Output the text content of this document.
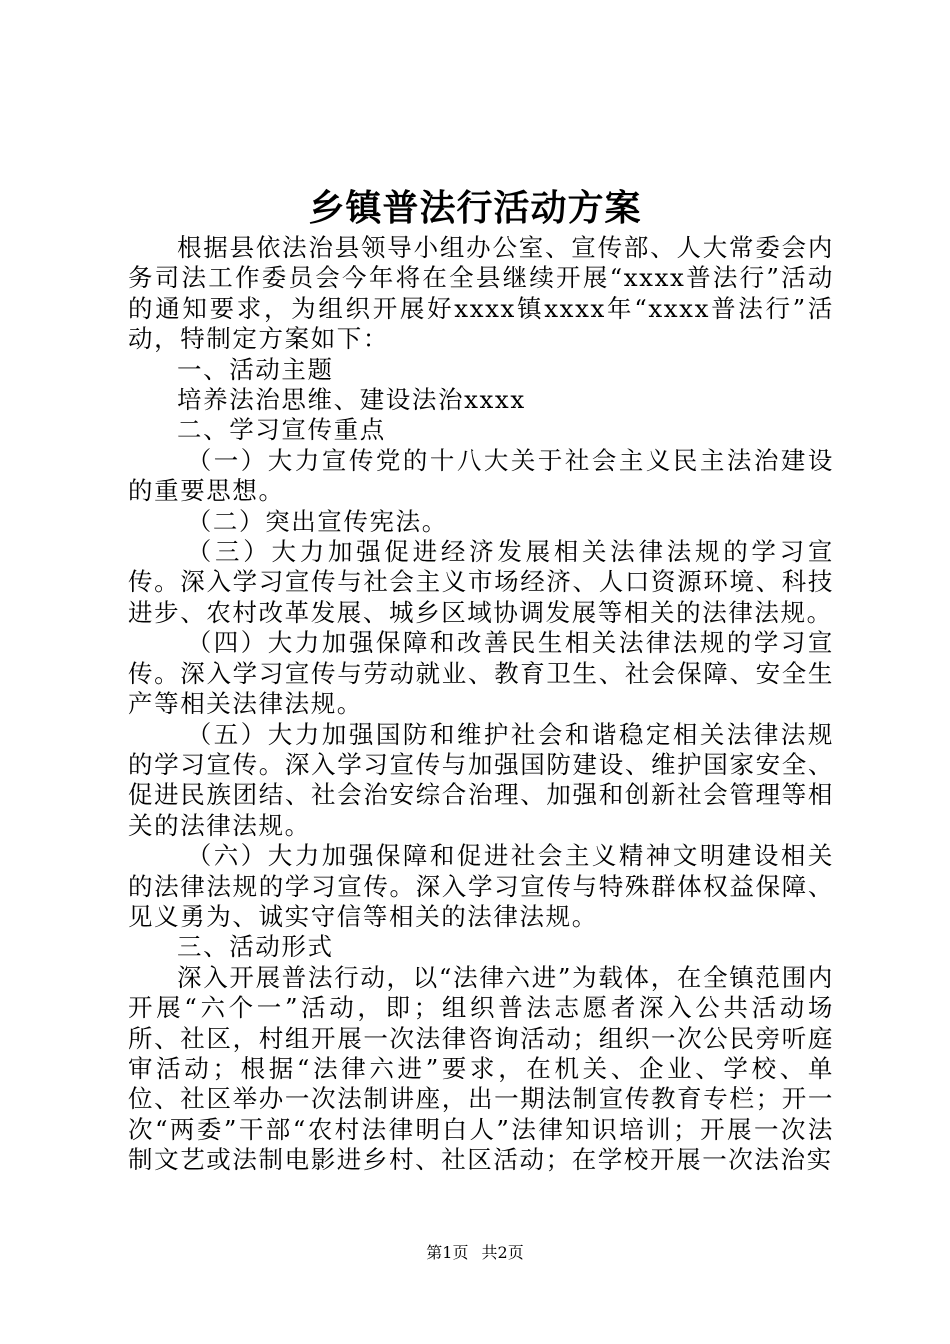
乡镇普法行活动方案

根据县依法治县领导小组办公室、宣传部、人大常委会内务司法工作委员会今年将在全县继续开展“xxxx普法行”活动的通知要求，为组织开展好xxxx镇xxxx年“xxxx普法行”活动，特制定方案如下：

一、活动主题

培养法治思维、建设法治xxxx

二、学习宣传重点

（一）大力宣传党的十八大关于社会主义民主法治建设的重要思想。

（二）突出宣传宪法。

（三）大力加强促进经济发展相关法律法规的学习宣传。深入学习宣传与社会主义市场经济、人口资源环境、科技进步、农村改革发展、城乡区域协调发展等相关的法律法规。

（四）大力加强保障和改善民生相关法律法规的学习宣传。深入学习宣传与劳动就业、教育卫生、社会保障、安全生产等相关法律法规。

（五）大力加强国防和维护社会和谐稳定相关法律法规的学习宣传。深入学习宣传与加强国防建设、维护国家安全、促进民族团结、社会治安综合治理、加强和创新社会管理等相关的法律法规。

（六）大力加强保障和促进社会主义精神文明建设相关的法律法规的学习宣传。深入学习宣传与特殊群体权益保障、见义勇为、诚实守信等相关的法律法规。

三、活动形式

深入开展普法行动，以“法律六进”为载体，在全镇范围内开展“六个一”活动，即；组织普法志愿者深入公共活动场所、社区，村组开展一次法律咨询活动；组织一次公民旁听庭审活动；根据“法律六进”要求，在机关、企业、学校、单位、社区举办一次法制讲座，出一期法制宣传教育专栏；开一次“两委”干部“农村法律明白人”法律知识培训；开展一次法制文艺或法制电影进乡村、社区活动；在学校开展一次法治实

第1页 共2页
